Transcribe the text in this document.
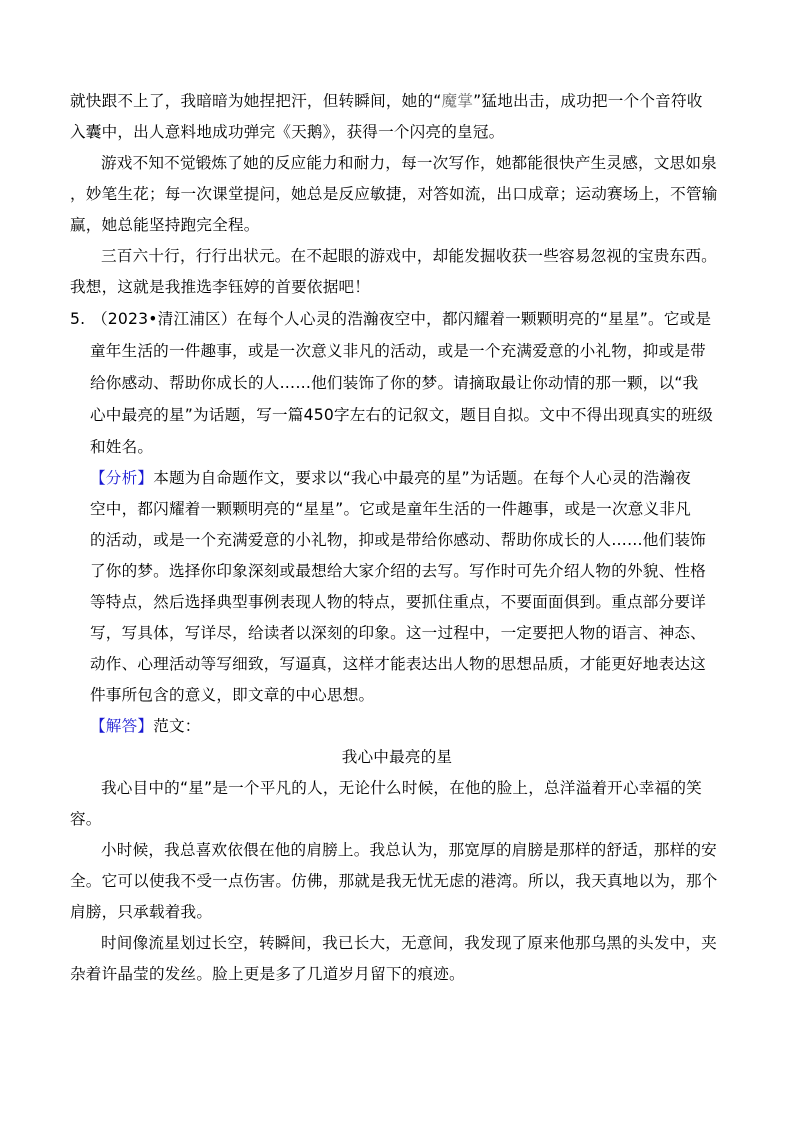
就快跟不上了，我暗暗为她捏把汗，但转瞬间，她的“魔掌”猛地出击，成功把一个个音符收
入囊中，出人意料地成功弹完《天鹅》，获得一个闪亮的皇冠。
游戏不知不觉锻炼了她的反应能力和耐力，每一次写作，她都能很快产生灵感，文思如泉
，妙笔生花；每一次课堂提问，她总是反应敏捷，对答如流，出口成章；运动赛场上，不管输
赢，她总能坚持跑完全程。
三百六十行，行行出状元。在不起眼的游戏中，却能发掘收获一些容易忽视的宝贵东西。
我想，这就是我推选李钰婷的首要依据吧！
5. （2023•清江浦区）在每个人心灵的浩瀚夜空中，都闪耀着一颗颗明亮的“星星”。它或是
童年生活的一件趣事，或是一次意义非凡的活动，或是一个充满爱意的小礼物，抑或是带
给你感动、帮助你成长的人……他们装饰了你的梦。请摘取最让你动情的那一颗，以“我
心中最亮的星”为话题，写一篇450字左右的记叙文，题目自拟。文中不得出现真实的班级
和姓名。
【分析】本题为自命题作文，要求以“我心中最亮的星”为话题。在每个人心灵的浩瀚夜
空中，都闪耀着一颗颗明亮的“星星”。它或是童年生活的一件趣事，或是一次意义非凡
的活动，或是一个充满爱意的小礼物，抑或是带给你感动、帮助你成长的人……他们装饰
了你的梦。选择你印象深刻或最想给大家介绍的去写。写作时可先介绍人物的外貌、性格
等特点，然后选择典型事例表现人物的特点，要抓住重点，不要面面俱到。重点部分要详
写，写具体，写详尽，给读者以深刻的印象。这一过程中，一定要把人物的语言、神态、
动作、心理活动等写细致，写逼真，这样才能表达出人物的思想品质，才能更好地表达这
件事所包含的意义，即文章的中心思想。
【解答】范文：
我心中最亮的星
我心目中的“星”是一个平凡的人，无论什么时候，在他的脸上，总洋溢着开心幸福的笑
容。
小时候，我总喜欢依偎在他的肩膀上。我总认为，那宽厚的肩膀是那样的舒适，那样的安
全。它可以使我不受一点伤害。仿佛，那就是我无忧无虑的港湾。所以，我天真地以为，那个
肩膀，只承载着我。
时间像流星划过长空，转瞬间，我已长大，无意间，我发现了原来他那乌黑的头发中，夹
杂着许晶莹的发丝。脸上更是多了几道岁月留下的痕迹。
